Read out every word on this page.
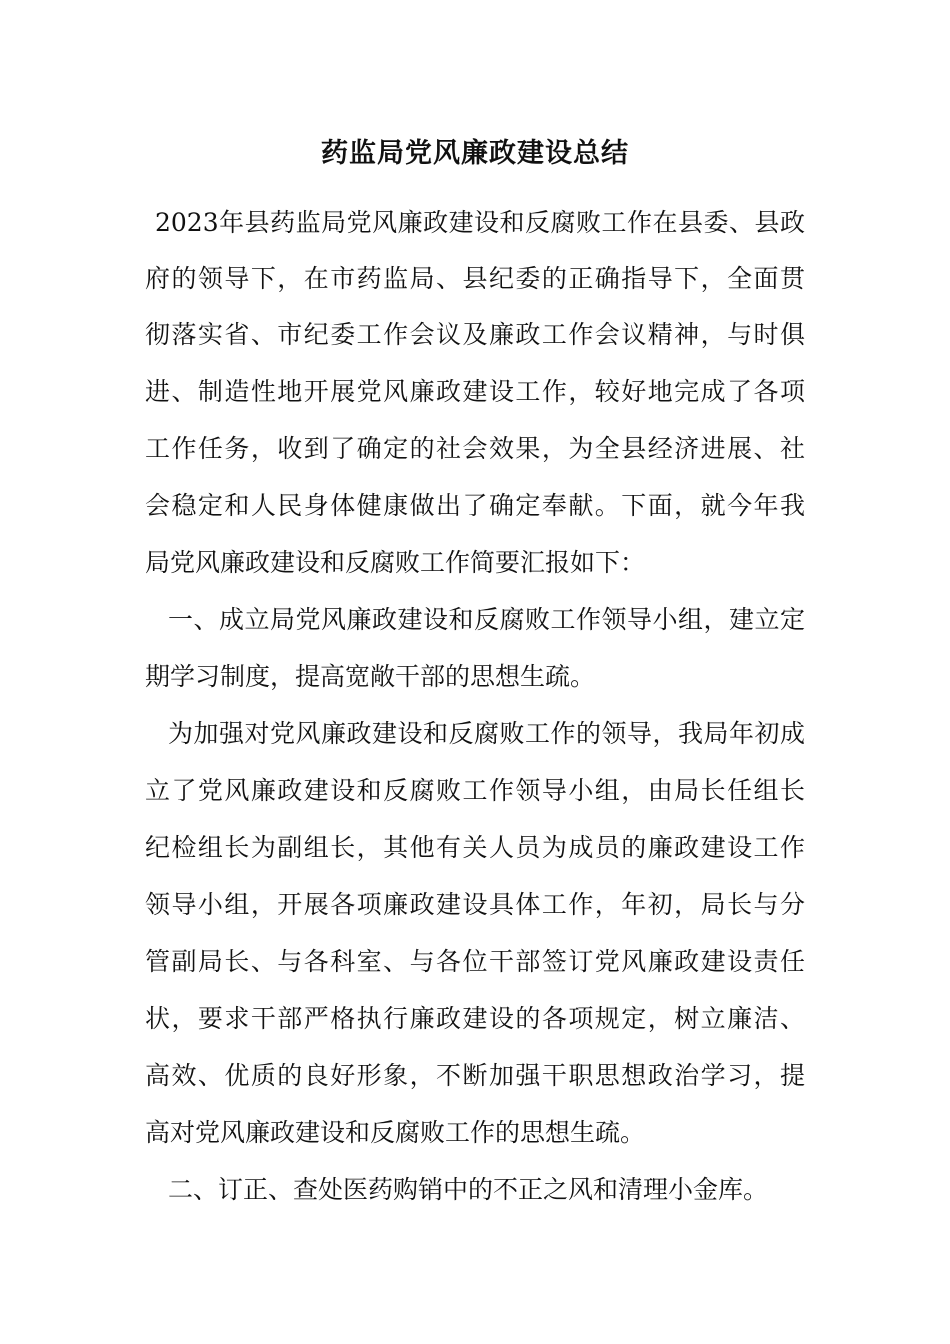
药监局党风廉政建设总结

2023年县药监局党风廉政建设和反腐败工作在县委、县政

府的领导下，在市药监局、县纪委的正确指导下，全面贯

彻落实省、市纪委工作会议及廉政工作会议精神，与时俱

进、制造性地开展党风廉政建设工作，较好地完成了各项

工作任务，收到了确定的社会效果，为全县经济进展、社

会稳定和人民身体健康做出了确定奉献。下面，就今年我

局党风廉政建设和反腐败工作简要汇报如下：

一、成立局党风廉政建设和反腐败工作领导小组，建立定

期学习制度，提高宽敞干部的思想生疏。

为加强对党风廉政建设和反腐败工作的领导，我局年初成

立了党风廉政建设和反腐败工作领导小组，由局长任组长

纪检组长为副组长，其他有关人员为成员的廉政建设工作

领导小组，开展各项廉政建设具体工作，年初，局长与分

管副局长、与各科室、与各位干部签订党风廉政建设责任

状，要求干部严格执行廉政建设的各项规定，树立廉洁、

高效、优质的良好形象，不断加强干职思想政治学习，提

高对党风廉政建设和反腐败工作的思想生疏。

二、订正、查处医药购销中的不正之风和清理小金库。
